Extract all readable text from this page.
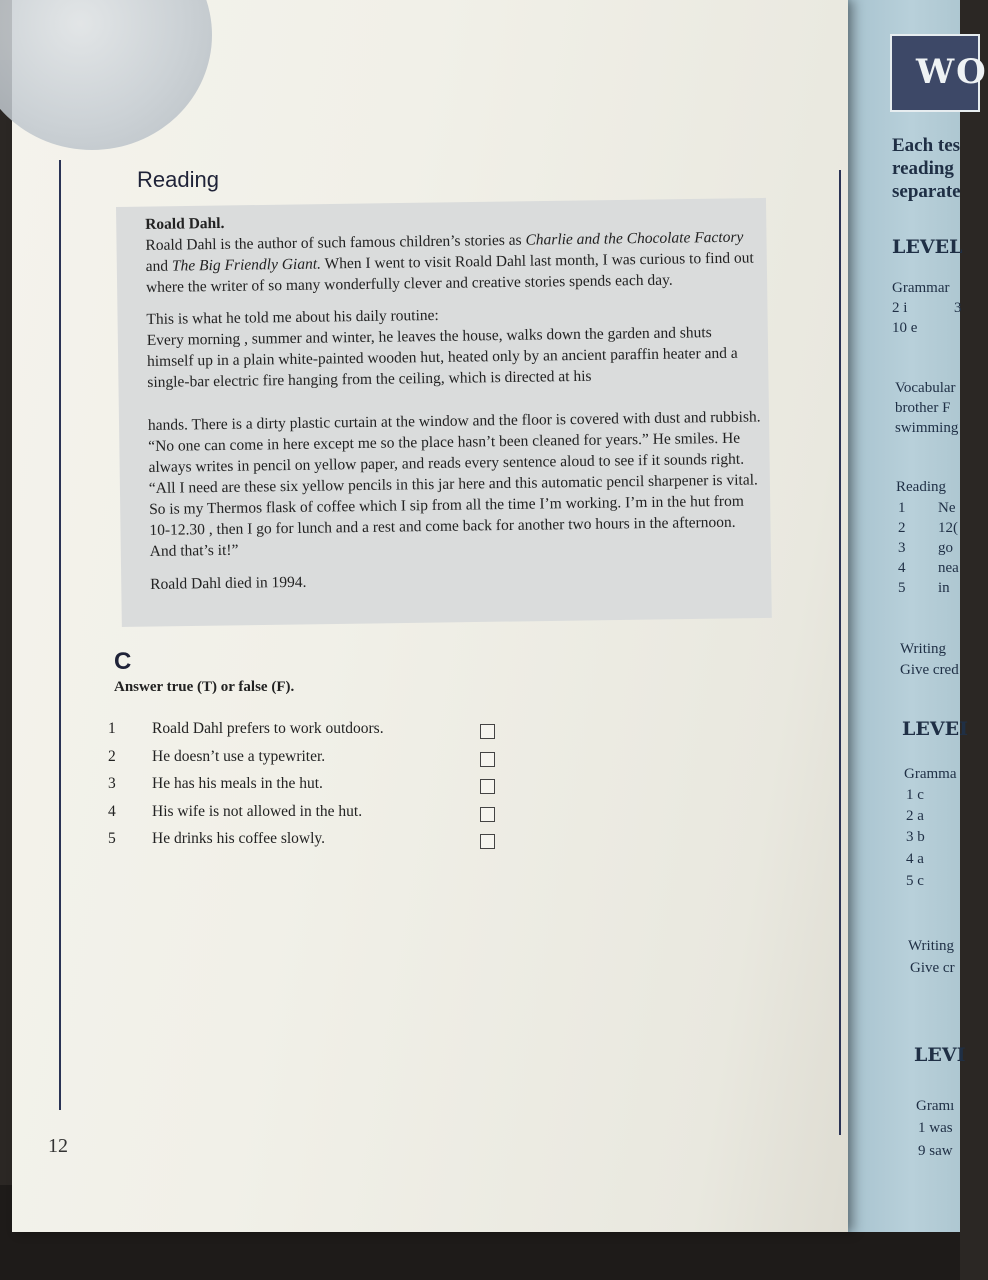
WO
Each tes
reading
separate
LEVEL
Grammar
2 i	3
10 e
Vocabular
brother F
swimming
Reading
1 Ne
2 12(
3 go
4 nea
5 in
Writing
Give cred
LEVEI
Gramma
1 c
2 a
3 b
4 a
5 c
Writing
Give cr
LEVI
Gramı
1 was
9 saw
Reading

Roald Dahl.

Roald Dahl is the author of such famous children’s stories as Charlie and the Chocolate Factory and The Big Friendly Giant. When I went to visit Roald Dahl last month, I was curious to find out where the writer of so many wonderfully clever and creative stories spends each day.

This is what he told me about his daily routine:

Every morning , summer and winter, he leaves the house, walks down the garden and shuts himself up in a plain white-painted wooden hut, heated only by an ancient paraffin heater and a single-bar electric fire hanging from the ceiling, which is directed at his

hands. There is a dirty plastic curtain at the window and the floor is covered with dust and rubbish. “No one can come in here except me so the place hasn’t been cleaned for years.” He smiles. He always writes in pencil on yellow paper, and reads every sentence aloud to see if it sounds right. “All I need are these six yellow pencils in this jar here and this automatic pencil sharpener is vital. So is my Thermos flask of coffee which I sip from all the time I’m working. I’m in the hut from 10-12.30 , then I go for lunch and a rest and come back for another two hours in the afternoon. And that’s it!”

Roald Dahl died in 1994.

C
Answer true (T) or false (F).
1	Roald Dahl prefers to work outdoors.
2	He doesn’t use a typewriter.
3	He has his meals in the hut.
4	His wife is not allowed in the hut.
5	He drinks his coffee slowly.
12
